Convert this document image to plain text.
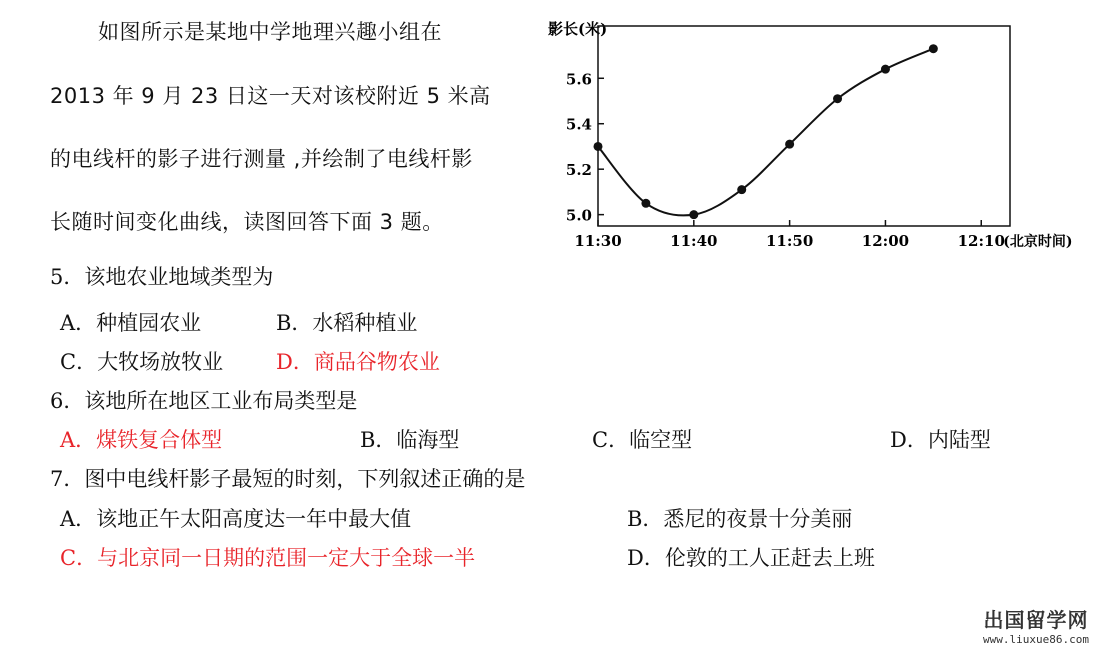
如图所示是某地中学地理兴趣小组在
2013 年 9 月 23 日这一天对该校附近 5 米高
的电线杆的影子进行测量 ,并绘制了电线杆影
长随时间变化曲线，读图回答下面 3 题。
影长(米)
5.0
5.2
5.4
5.6
11:30	11:40	11:50	12:00	12:10
(北京时间)
5．该地农业地域类型为
A．种植园农业	B．水稻种植业
C．大牧场放牧业	D．商品谷物农业
6．该地所在地区工业布局类型是
A．煤铁复合体型	B．临海型	C．临空型	D．内陆型
7．图中电线杆影子最短的时刻，下列叙述正确的是
A．该地正午太阳高度达一年中最大值	B．悉尼的夜景十分美丽
C．与北京同一日期的范围一定大于全球一半	D．伦敦的工人正赶去上班
出国留学网
www.liuxue86.com
